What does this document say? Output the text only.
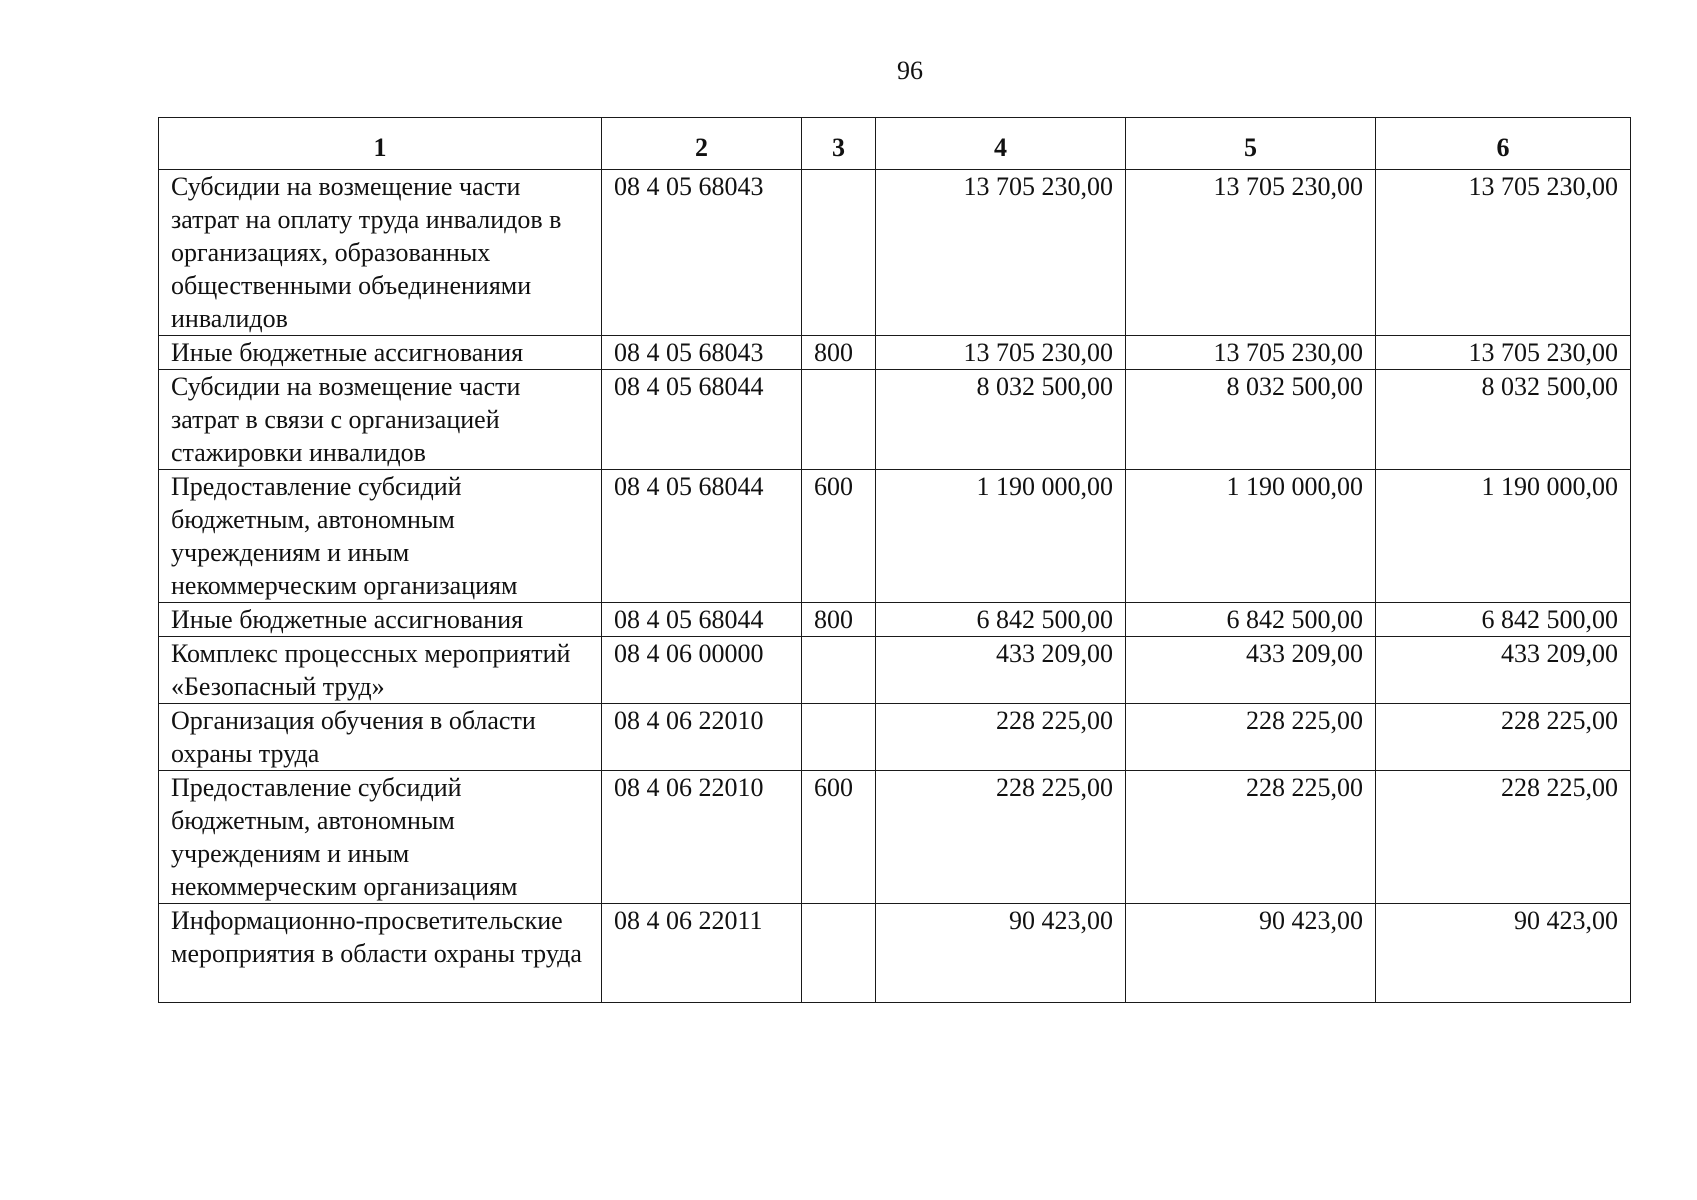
96
1	2	3	4	5	6
Субсидии на возмещение части затрат на оплату труда инвалидов в организациях, образованных общественными объединениями инвалидов	08 4 05 68043		13 705 230,00	13 705 230,00	13 705 230,00
Иные бюджетные ассигнования	08 4 05 68043	800	13 705 230,00	13 705 230,00	13 705 230,00
Субсидии на возмещение части затрат в связи с организацией стажировки инвалидов	08 4 05 68044		8 032 500,00	8 032 500,00	8 032 500,00
Предоставление субсидий бюджетным, автономным учреждениям и иным некоммерческим организациям	08 4 05 68044	600	1 190 000,00	1 190 000,00	1 190 000,00
Иные бюджетные ассигнования	08 4 05 68044	800	6 842 500,00	6 842 500,00	6 842 500,00
Комплекс процессных мероприятий «Безопасный труд»	08 4 06 00000		433 209,00	433 209,00	433 209,00
Организация обучения в области охраны труда	08 4 06 22010		228 225,00	228 225,00	228 225,00
Предоставление субсидий бюджетным, автономным учреждениям и иным некоммерческим организациям	08 4 06 22010	600	228 225,00	228 225,00	228 225,00
Информационно-просветительские мероприятия в области охраны труда	08 4 06 22011		90 423,00	90 423,00	90 423,00
